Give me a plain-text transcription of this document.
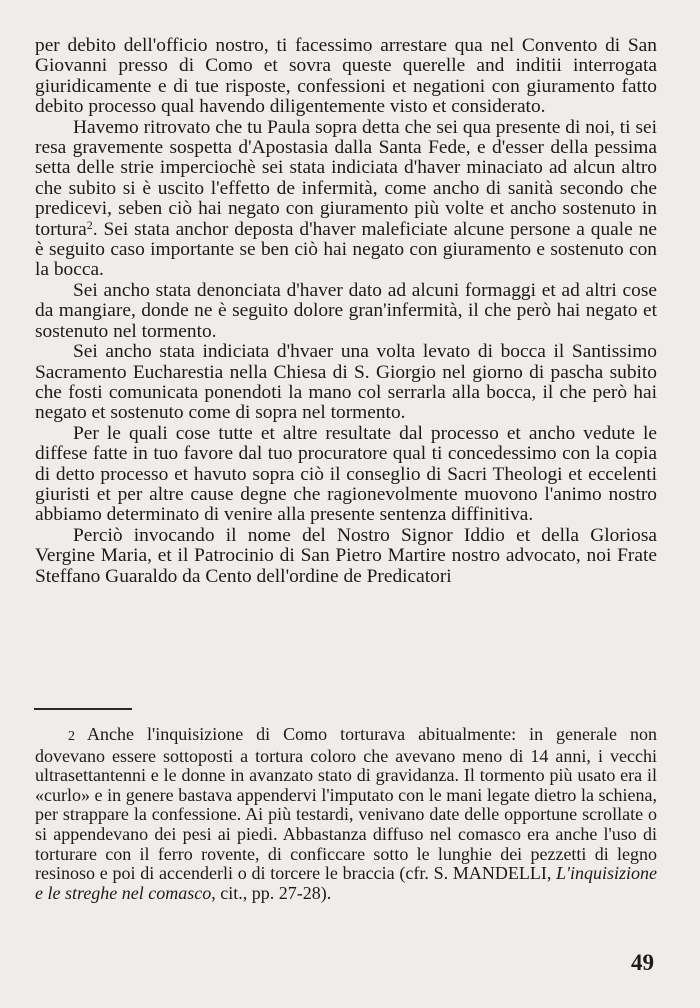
per debito dell'officio nostro, ti facessimo arrestare qua nel Convento di San Giovanni presso di Como et sovra queste querelle and inditii interrogata giuridicamente e di tue risposte, confessioni et negationi con giuramento fatto debito processo qual havendo diligentemente visto et considerato.

Havemo ritrovato che tu Paula sopra detta che sei qua presente di noi, ti sei resa gravemente sospetta d'Apostasia dalla Santa Fede, e d'esser della pessima setta delle strie imperciochè sei stata indiciata d'haver minaciato ad alcun altro che subito si è uscito l'effetto de infermità, come ancho di sanità secondo che predicevi, seben ciò hai negato con giuramento più volte et ancho sostenuto in tortura$^2$. Sei stata anchor deposta d'haver maleficiate alcune persone a quale ne è seguito caso importante se ben ciò hai negato con giuramento e sostenuto con la bocca.

Sei ancho stata denonciata d'haver dato ad alcuni formaggi et ad altri cose da mangiare, donde ne è seguito dolore gran'infermità, il che però hai negato et sostenuto nel tormento.

Sei ancho stata indiciata d'hvaer una volta levato di bocca il Santissimo Sacramento Eucharestia nella Chiesa di S. Giorgio nel giorno di pascha subito che fosti comunicata ponendoti la mano col serrarla alla bocca, il che però hai negato et sostenuto come di sopra nel tormento.

Per le quali cose tutte et altre resultate dal processo et ancho vedute le diffese fatte in tuo favore dal tuo procuratore qual ti concedessimo con la copia di detto processo et havuto sopra ciò il conseglio di Sacri Theologi et eccelenti giuristi et per altre cause degne che ragionevolmente muovono l'animo nostro abbiamo determinato di venire alla presente sentenza diffinitiva.

Perciò invocando il nome del Nostro Signor Iddio et della Gloriosa Vergine Maria, et il Patrocinio di San Pietro Martire nostro advocato, noi Frate Steffano Guaraldo da Cento dell'ordine de Predicatori

2 Anche l'inquisizione di Como torturava abitualmente: in generale non dovevano essere sottoposti a tortura coloro che avevano meno di 14 anni, i vecchi ultrasettantenni e le donne in avanzato stato di gravidanza. Il tormento più usato era il «curlo» e in genere bastava appendervi l'imputato con le mani legate dietro la schiena, per strappare la confessione. Ai più testardi, venivano date delle opportune scrollate o si appendevano dei pesi ai piedi. Abbastanza diffuso nel comasco era anche l'uso di torturare con il ferro rovente, di conficcare sotto le lunghie dei pezzetti di legno resinoso e poi di accenderli o di torcere le braccia (cfr. S. MANDELLI, L'inquisizione e le streghe nel comasco, cit., pp. 27-28).

49
